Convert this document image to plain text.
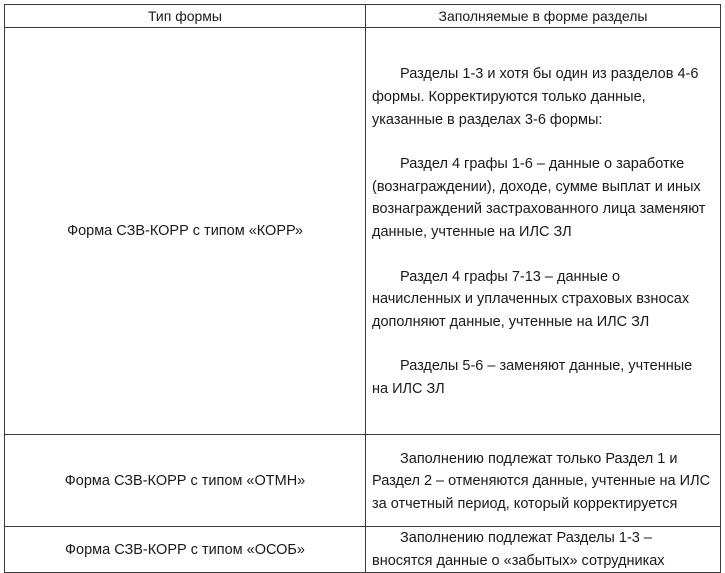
Тип формы	Заполняемые в форме разделы
Форма СЗВ-КОРР с типом «КОРР»	Разделы 1-3 и хотя бы один из разделов 4-6 формы. Корректируются только данные, указанные в разделах 3-6 формы:

Раздел 4 графы 1-6 – данные о заработке (вознаграждении), доходе, сумме выплат и иных вознаграждений застрахованного лица заменяют данные, учтенные на ИЛС ЗЛ

Раздел 4 графы 7-13 – данные о начисленных и уплаченных страховых взносах дополняют данные, учтенные на ИЛС ЗЛ

Разделы 5-6 – заменяют данные, учтенные на ИЛС ЗЛ

Форма СЗВ-КОРР с типом «ОТМН»	Заполнению подлежат только Раздел 1 и Раздел 2 – отменяются данные, учтенные на ИЛС за отчетный период, который корректируется

Форма СЗВ-КОРР с типом «ОСОБ»	Заполнению подлежат Разделы 1-3 – вносятся данные о «забытых» сотрудниках
